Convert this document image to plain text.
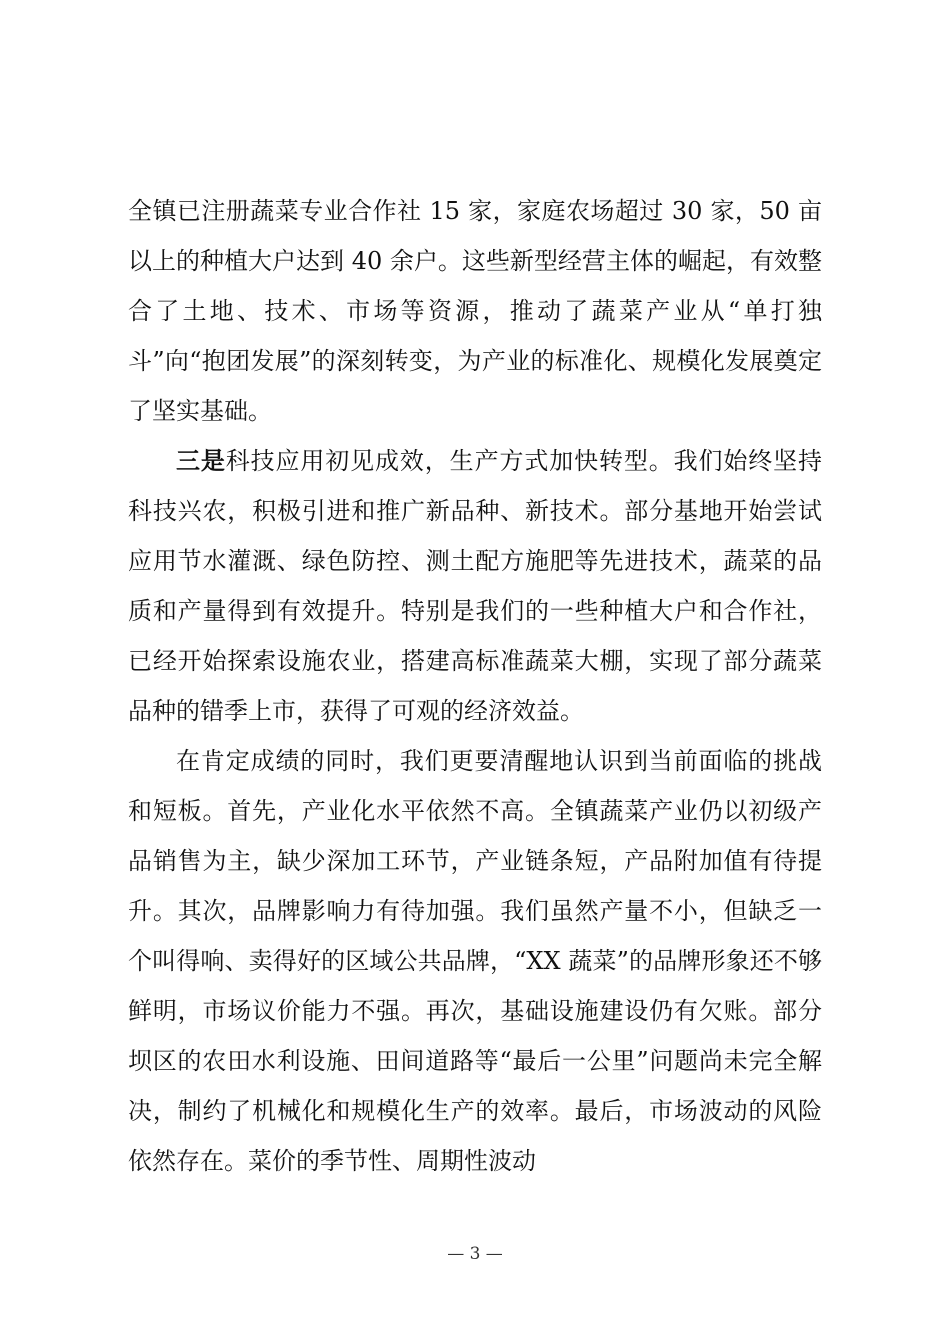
全镇已注册蔬菜专业合作社 15 家，家庭农场超过 30 家，50 亩以上的种植大户达到 40 余户。这些新型经营主体的崛起，有效整合了土地、技术、市场等资源，推动了蔬菜产业从“单打独斗”向“抱团发展”的深刻转变，为产业的标准化、规模化发展奠定了坚实基础。

三是科技应用初见成效，生产方式加快转型。我们始终坚持科技兴农，积极引进和推广新品种、新技术。部分基地开始尝试应用节水灌溉、绿色防控、测土配方施肥等先进技术，蔬菜的品质和产量得到有效提升。特别是我们的一些种植大户和合作社，已经开始探索设施农业，搭建高标准蔬菜大棚，实现了部分蔬菜品种的错季上市，获得了可观的经济效益。

在肯定成绩的同时，我们更要清醒地认识到当前面临的挑战和短板。首先，产业化水平依然不高。全镇蔬菜产业仍以初级产品销售为主，缺少深加工环节，产业链条短，产品附加值有待提升。其次，品牌影响力有待加强。我们虽然产量不小，但缺乏一个叫得响、卖得好的区域公共品牌，“XX 蔬菜”的品牌形象还不够鲜明，市场议价能力不强。再次，基础设施建设仍有欠账。部分坝区的农田水利设施、田间道路等“最后一公里”问题尚未完全解决，制约了机械化和规模化生产的效率。最后，市场波动的风险依然存在。菜价的季节性、周期性波动

— 3 —
